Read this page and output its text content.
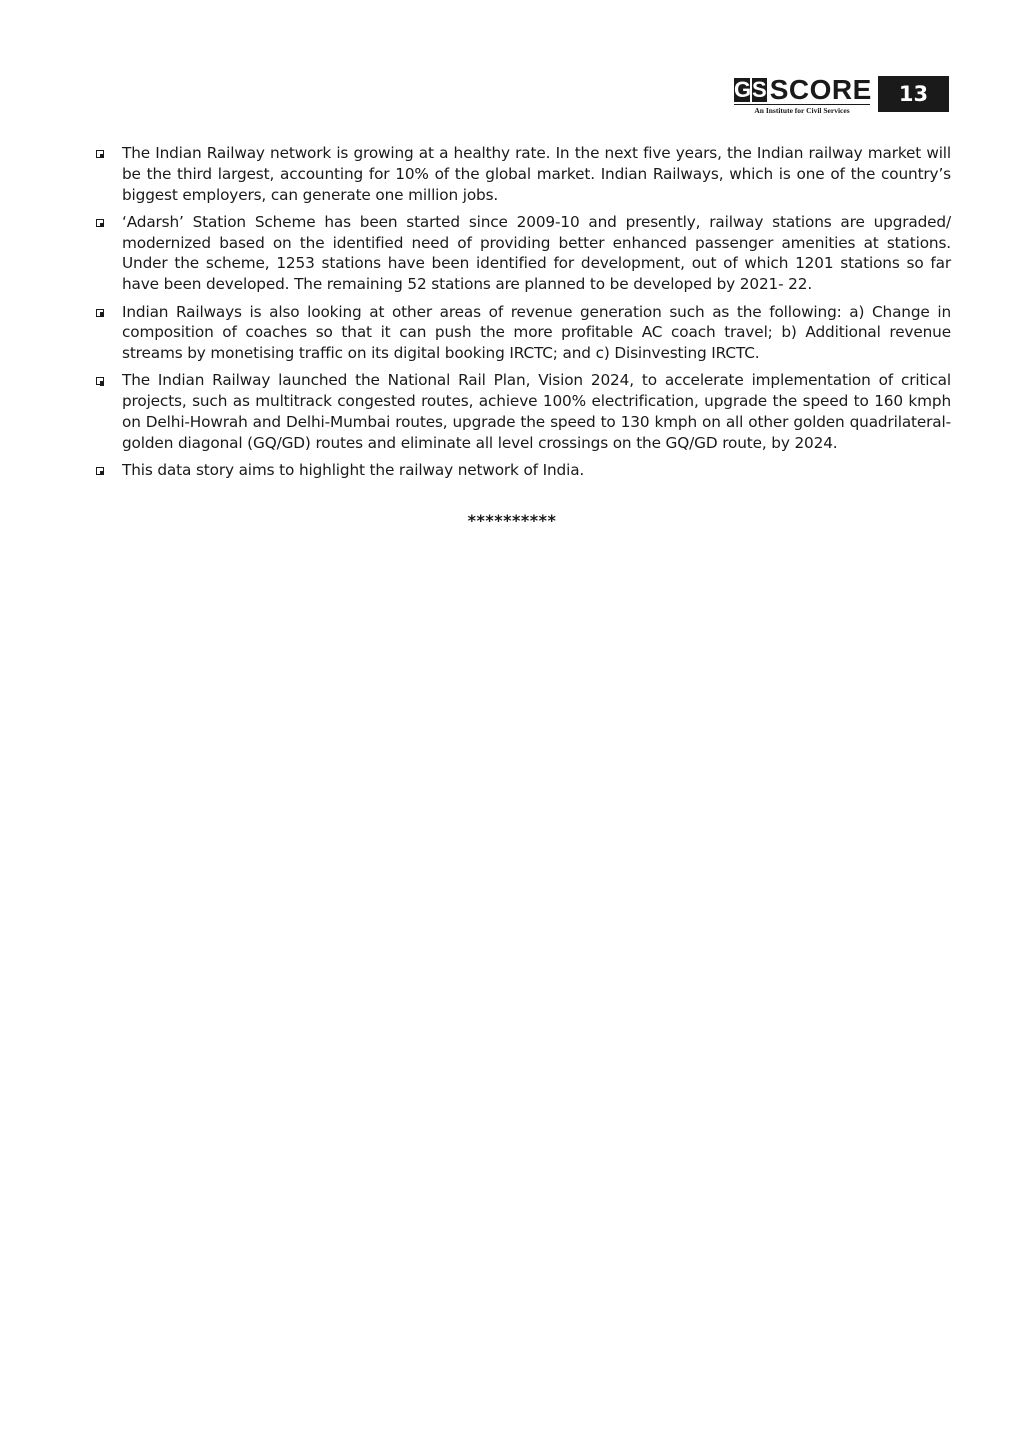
G S SCORE
An Institute for Civil Services
13
The Indian Railway network is growing at a healthy rate. In the next five years, the Indian railway market will be the third largest, accounting for 10% of the global market. Indian Railways, which is one of the country’s biggest employers, can generate one million jobs.
‘Adarsh’ Station Scheme has been started since 2009-10 and presently, railway stations are upgraded/ modernized based on the identified need of providing better enhanced passenger amenities at stations. Under the scheme, 1253 stations have been identified for development, out of which 1201 stations so far have been developed. The remaining 52 stations are planned to be developed by 2021- 22.
Indian Railways is also looking at other areas of revenue generation such as the following: a) Change in composition of coaches so that it can push the more profitable AC coach travel; b) Additional revenue streams by monetising traffic on its digital booking IRCTC; and c) Disinvesting IRCTC.
The Indian Railway launched the National Rail Plan, Vision 2024, to accelerate implementation of critical projects, such as multitrack congested routes, achieve 100% electrification, upgrade the speed to 160 kmph on Delhi-Howrah and Delhi-Mumbai routes, upgrade the speed to 130 kmph on all other golden quadrilateral-golden diagonal (GQ/GD) routes and eliminate all level crossings on the GQ/GD route, by 2024.
This data story aims to highlight the railway network of India.
**********
